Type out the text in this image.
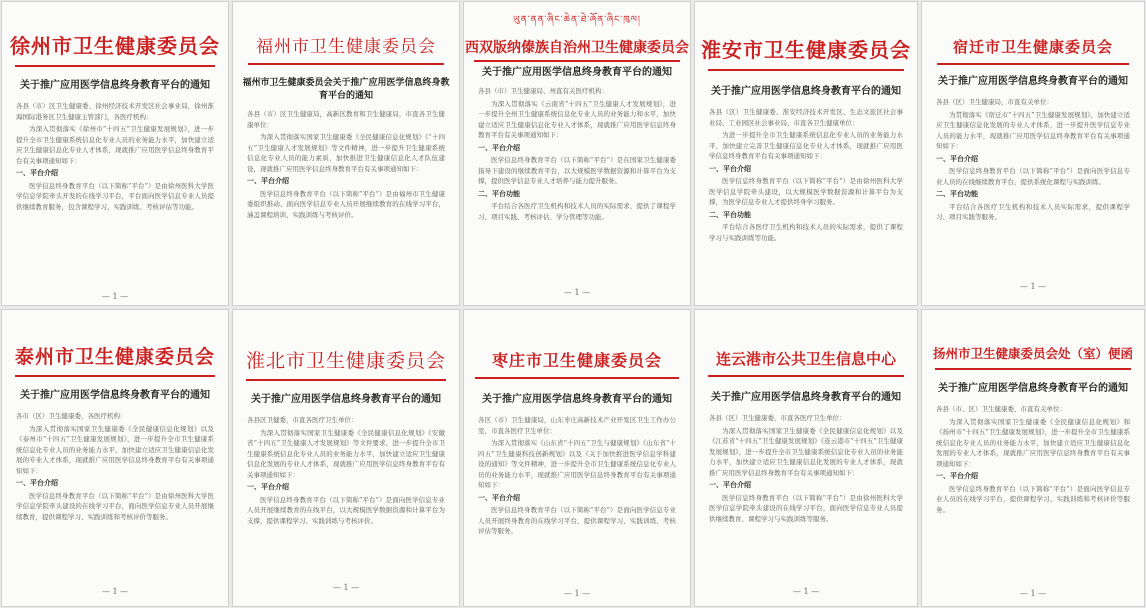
徐州市卫生健康委员会
关于推广应用医学信息终身教育平台的通知

各县（市）区卫生健康委、徐州经济技术开发区社会事业局，徐州淮海国际港务区卫生健康主管部门，各医疗机构：

为深入贯彻落实《徐州市“十四五”卫生健康发展规划》，进一步提升全市卫生健康系统信息化专业人员的业务能力水平，加快建立适应卫生健康信息化专业人才体系，现就推广应用医学信息终身教育平台有关事项通知如下：

一、平台介绍

医学信息终身教育平台（以下简称“平台”）是由徐州医科大学医学信息学院牵头开发的在线学习平台，平台面向医学信息专业人员提供继续教育服务，包含课程学习、实践训练、考核评估等功能。

— 1 —
福州市卫生健康委员会
福州市卫生健康委员会关于推广应用医学信息终身教育平台的通知

各县（市）区卫生健康局，高新区教育和卫生健康局，市直各卫生健康单位：

为深入贯彻落实国家卫生健康委《全民健康信息化规划》《“十四五”卫生健康人才发展规划》等文件精神，进一步提升卫生健康系统信息化专业人员的能力素质，加快推进卫生健康信息化人才队伍建设，现就推广应用医学信息终身教育平台有关事项通知如下：

一、平台介绍

医学信息终身教育平台（以下简称“平台”）是由福州市卫生健康委组织推动、面向医学信息专业人员开展继续教育的在线学习平台，涵盖课程培训、实践训练与考核评价。

ཡུན་ནན་ཞིང་ཆེན་ཐེ་ཞོན་ཞིང་ཁུལ།
西双版纳傣族自治州卫生健康委员会
关于推广应用医学信息终身教育平台的通知

各县（市）卫生健康局、州直有关医疗机构：

为深入贯彻落实《云南省“十四五”卫生健康人才发展规划》，进一步提升全州卫生健康系统信息化专业人员的业务能力和水平，加快建立适应卫生健康信息化专业人才体系，现就推广应用医学信息终身教育平台有关事项通知如下：

一、平台介绍

医学信息终身教育平台（以下简称“平台”）是在国家卫生健康委指导下建设的继续教育平台，以大规模医学数据资源和计算平台为支撑，提供医学信息专业人才培养与能力提升服务。

二、平台功能

平台结合各医疗卫生机构和技术人员的实际需求，提供了课程学习、项目实践、考核评估、学分管理等功能。

— 1 —
淮安市卫生健康委员会
关于推广应用医学信息终身教育平台的通知

各县（区）卫生健康委、淮安经济技术开发区、生态文旅区社会事业局、工业园区社会事业局、市直各卫生健康单位：

为进一步提升全市卫生健康系统信息化专业人员的业务能力水平，加快建立完善卫生健康信息化专业人才体系，现就推广应用医学信息终身教育平台有关事项通知如下：

一、平台介绍

医学信息终身教育平台（以下简称“平台”）是由徐州医科大学医学信息学院牵头建设，以大规模医学数据资源和计算平台为支撑，为医学信息专业人才提供终身学习服务。

二、平台功能

平台结合各医疗卫生机构和技术人员的实际需求，提供了课程学习与实践训练等功能。

宿迁市卫生健康委员会
关于推广应用医学信息终身教育平台的通知

各县（区）卫生健康局，市直有关单位：

为贯彻落实《宿迁市“十四五”卫生健康发展规划》，加快建立适应卫生健康信息化发展的专业人才体系，进一步提升医学信息专业人员的能力水平，现就推广应用医学信息终身教育平台有关事项通知如下：

一、平台介绍

医学信息终身教育平台（以下简称“平台”）是面向医学信息专业人员的在线继续教育平台，提供系统化课程与实践训练。

二、平台功能

平台结合各医疗卫生机构和技术人员实际需求，提供课程学习、项目实践等服务。

— 1 —
泰州市卫生健康委员会
关于推广应用医学信息终身教育平台的通知

各市（区）卫生健康委，各医疗机构：

为深入贯彻落实国家卫生健康委《全民健康信息化规划》以及《泰州市“十四五”卫生健康发展规划》，进一步提升全市卫生健康系统信息化专业人员的业务能力水平，加快建立适应卫生健康信息化发展的专业人才体系，现就推广应用医学信息终身教育平台有关事项通知如下：

一、平台介绍

医学信息终身教育平台（以下简称“平台”）是由徐州医科大学医学信息学院牵头建设的在线学习平台，面向医学信息专业人员开展继续教育，提供课程学习、实践训练和考核评价等服务。

— 1 —
淮北市卫生健康委员会
关于推广应用医学信息终身教育平台的通知

各县区卫健委，市直各医疗卫生单位：

为深入贯彻落实国家卫生健康委《全民健康信息化规划》《安徽省“十四五”卫生健康人才发展规划》等文件要求，进一步提升全市卫生健康系统信息化专业人员的业务能力水平，加快建立适应卫生健康信息化发展的专业人才体系，现就推广应用医学信息终身教育平台有关事项通知如下：

一、平台介绍

医学信息终身教育平台（以下简称“平台”）是面向医学信息专业人员开展继续教育的在线平台，以大规模医学数据资源和计算平台为支撑，提供课程学习、实践训练与考核评价。

— 1 —
枣庄市卫生健康委员会
关于推广应用医学信息终身教育平台的通知

各区（市）卫生健康局，山东枣庄高新技术产业开发区卫生工作办公室，市直各医疗卫生单位：

为深入贯彻落实《山东省“十四五”卫生与健康规划》《山东省“十四五”卫生健康科技创新规划》以及《关于加快推进医学信息学科建设的通知》等文件精神，进一步提升全市卫生健康系统信息化专业人员的业务能力水平，现就推广应用医学信息终身教育平台有关事项通知如下：

一、平台介绍

医学信息终身教育平台（以下简称“平台”）是面向医学信息专业人员开展终身教育的在线学习平台，提供课程学习、实践训练、考核评估等服务。

— 1 —
连云港市公共卫生信息中心
关于推广应用医学信息终身教育平台的通知

各县（区）卫生健康委，市直各医疗卫生单位：

为深入贯彻落实国家卫生健康委《全民健康信息化规划》以及《江苏省“十四五”卫生健康发展规划》《连云港市“十四五”卫生健康发展规划》，进一步提升全市卫生健康系统信息化专业人员的业务能力水平，加快建立适应卫生健康信息化发展的专业人才体系，现就推广应用医学信息终身教育平台有关事项通知如下：

一、平台介绍

医学信息终身教育平台（以下简称“平台”）是由徐州医科大学医学信息学院牵头建设的在线学习平台，面向医学信息专业人员提供继续教育、课程学习与实践训练等服务。

— 1 —
扬州市卫生健康委员会处（室）便函
关于推广应用医学信息终身教育平台的通知

各县（市、区）卫生健康委，市直有关单位：

为深入贯彻落实国家卫生健康委《全民健康信息化规划》和《扬州市“十四五”卫生健康发展规划》，进一步提升全市卫生健康系统信息化专业人员的业务能力水平，加快建立适应卫生健康信息化发展的专业人才体系，现就推广应用医学信息终身教育平台有关事项通知如下：

一、平台介绍

医学信息终身教育平台（以下简称“平台”）是面向医学信息专业人员的在线学习平台，提供课程学习、实践训练和考核评价等服务。

— 1 —
